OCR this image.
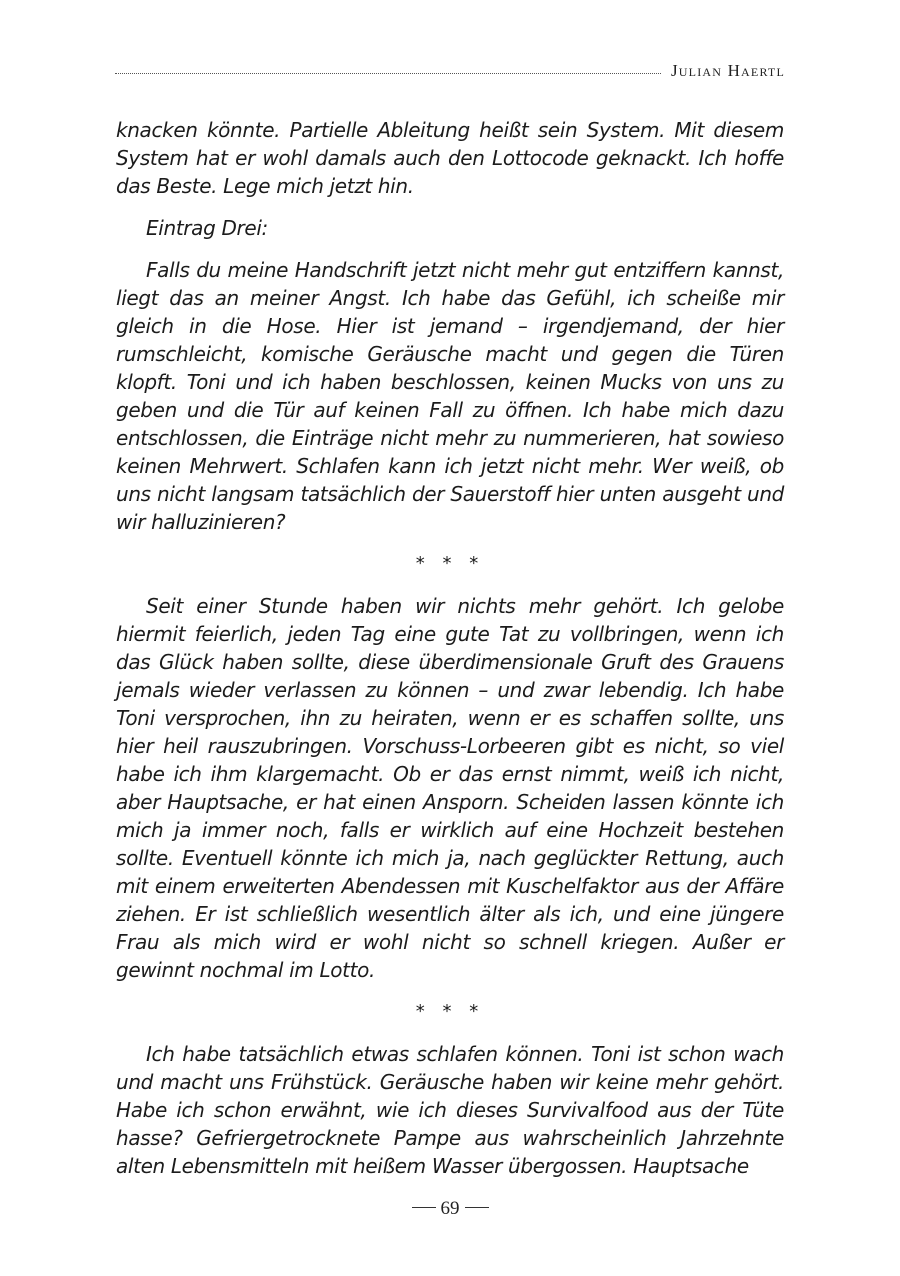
Julian Haertl

knacken könnte. Partielle Ableitung heißt sein System. Mit diesem System hat er wohl damals auch den Lottocode geknackt. Ich hoffe das Beste. Lege mich jetzt hin.

Eintrag Drei:

Falls du meine Handschrift jetzt nicht mehr gut entziffern kannst, liegt das an meiner Angst. Ich habe das Gefühl, ich scheiße mir gleich in die Hose. Hier ist jemand – irgendjemand, der hier rumschleicht, komische Geräusche macht und gegen die Türen klopft. Toni und ich haben beschlossen, keinen Mucks von uns zu geben und die Tür auf keinen Fall zu öffnen. Ich habe mich dazu entschlossen, die Einträge nicht mehr zu nummerieren, hat sowieso keinen Mehrwert. Schlafen kann ich jetzt nicht mehr. Wer weiß, ob uns nicht langsam tatsächlich der Sauerstoff hier unten ausgeht und wir halluzinieren?

* * *

Seit einer Stunde haben wir nichts mehr gehört. Ich gelobe hiermit feierlich, jeden Tag eine gute Tat zu vollbringen, wenn ich das Glück haben sollte, diese überdimensionale Gruft des Grauens jemals wieder verlassen zu können – und zwar lebendig. Ich habe Toni versprochen, ihn zu heiraten, wenn er es schaffen sollte, uns hier heil rauszubringen. Vorschuss-Lorbeeren gibt es nicht, so viel habe ich ihm klargemacht. Ob er das ernst nimmt, weiß ich nicht, aber Hauptsache, er hat einen Ansporn. Scheiden lassen könnte ich mich ja immer noch, falls er wirklich auf eine Hochzeit bestehen sollte. Eventuell könnte ich mich ja, nach geglückter Rettung, auch mit einem erweiterten Abendessen mit Kuschelfaktor aus der Affäre ziehen. Er ist schließlich wesentlich älter als ich, und eine jüngere Frau als mich wird er wohl nicht so schnell kriegen. Außer er gewinnt nochmal im Lotto.

* * *

Ich habe tatsächlich etwas schlafen können. Toni ist schon wach und macht uns Frühstück. Geräusche haben wir keine mehr gehört. Habe ich schon erwähnt, wie ich dieses Survivalfood aus der Tüte hasse? Gefriergetrocknete Pampe aus wahrscheinlich Jahrzehnte alten Lebensmitteln mit heißem Wasser übergossen. Hauptsache

69
